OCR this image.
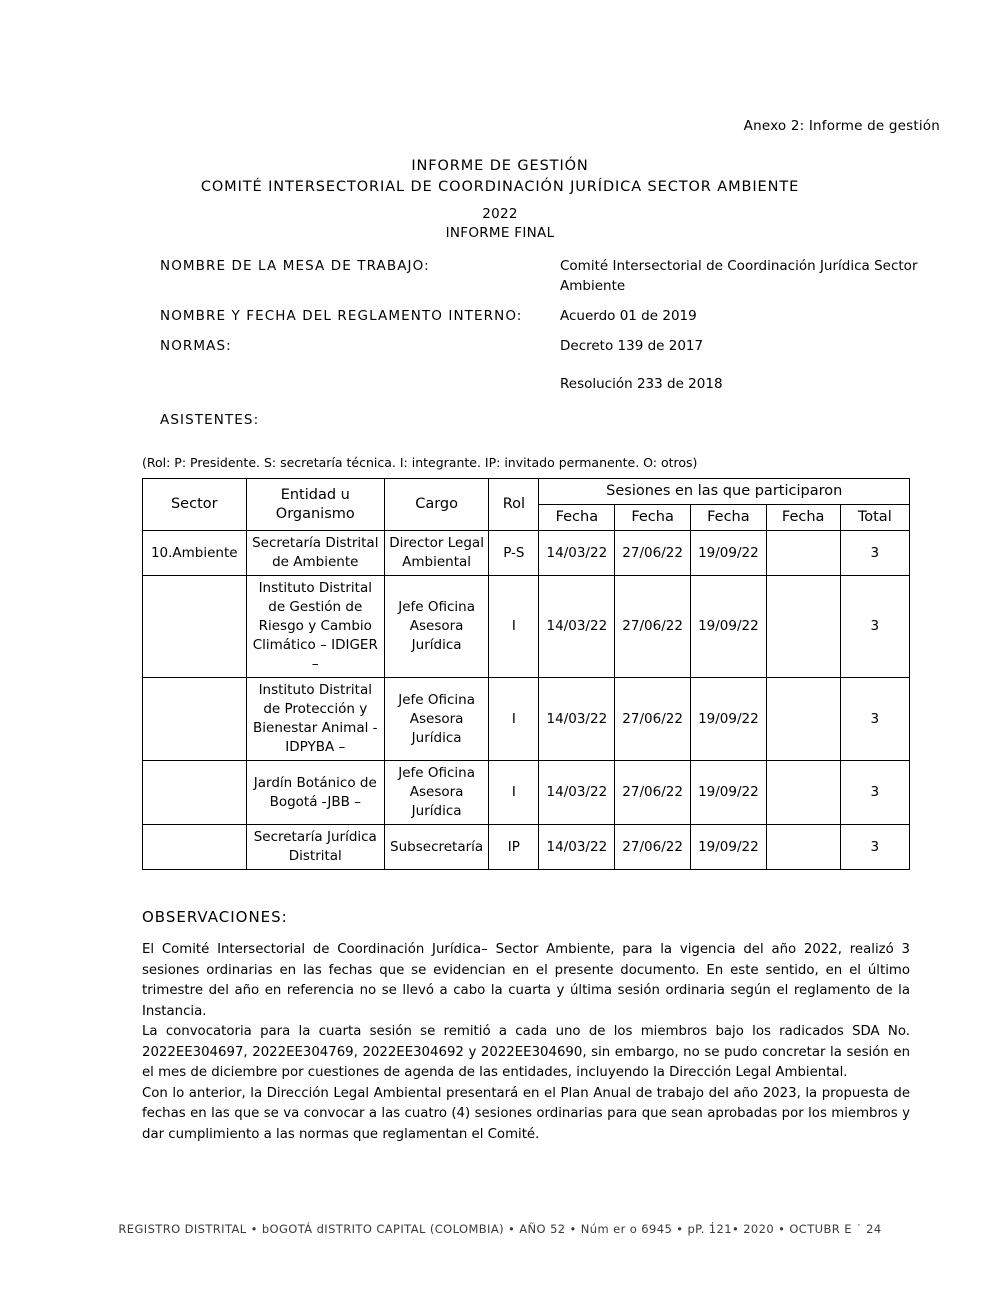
Anexo 2: Informe de gestión
INFORME DE GESTIÓN
COMITÉ INTERSECTORIAL DE COORDINACIÓN JURÍDICA SECTOR AMBIENTE
2022
INFORME FINAL
NOMBRE DE LA MESA DE TRABAJO:	Comité Intersectorial de Coordinación Jurídica Sector Ambiente
NOMBRE Y FECHA DEL REGLAMENTO INTERNO:	Acuerdo 01 de 2019
NORMAS:	Decreto 139 de 2017
Resolución 233 de 2018
ASISTENTES:
(Rol: P: Presidente. S: secretaría técnica. I: integrante. IP: invitado permanente. O: otros)
Sector	Entidad u Organismo	Cargo	Rol	Sesiones en las que participaron				
				Fecha	Fecha	Fecha	Fecha	Total
10.Ambiente	Secretaría Distrital de Ambiente	Director Legal Ambiental	P-S	14/03/22	27/06/22	19/09/22		3
	Instituto Distrital de Gestión de Riesgo y Cambio Climático – IDIGER –	Jefe Oficina Asesora Jurídica	I	14/03/22	27/06/22	19/09/22		3
	Instituto Distrital de Protección y Bienestar Animal - IDPYBA –	Jefe Oficina Asesora Jurídica	I	14/03/22	27/06/22	19/09/22		3
	Jardín Botánico de Bogotá -JBB –	Jefe Oficina Asesora Jurídica	I	14/03/22	27/06/22	19/09/22		3
	Secretaría Jurídica Distrital	Subsecretaría	IP	14/03/22	27/06/22	19/09/22		3
OBSERVACIONES:

El Comité Intersectorial de Coordinación Jurídica– Sector Ambiente, para la vigencia del año 2022, realizó 3 sesiones ordinarias en las fechas que se evidencian en el presente documento. En este sentido, en el último trimestre del año en referencia no se llevó a cabo la cuarta y última sesión ordinaria según el reglamento de la Instancia.

La convocatoria para la cuarta sesión se remitió a cada uno de los miembros bajo los radicados SDA No. 2022EE304697, 2022EE304769, 2022EE304692 y 2022EE304690, sin embargo, no se pudo concretar la sesión en el mes de diciembre por cuestiones de agenda de las entidades, incluyendo la Dirección Legal Ambiental.

Con lo anterior, la Dirección Legal Ambiental presentará en el Plan Anual de trabajo del año 2023, la propuesta de fechas en las que se va convocar a las cuatro (4) sesiones ordinarias para que sean aprobadas por los miembros y dar cumplimiento a las normas que reglamentan el Comité.

REGISTRO DISTRITAL • bOGOTÁ dISTRITO CAPITAL (COLOMBIA) • AÑO 52 • Núm er o 6945 • pP. 1̇21• 2020 • OCTUBR E ˙ 24
